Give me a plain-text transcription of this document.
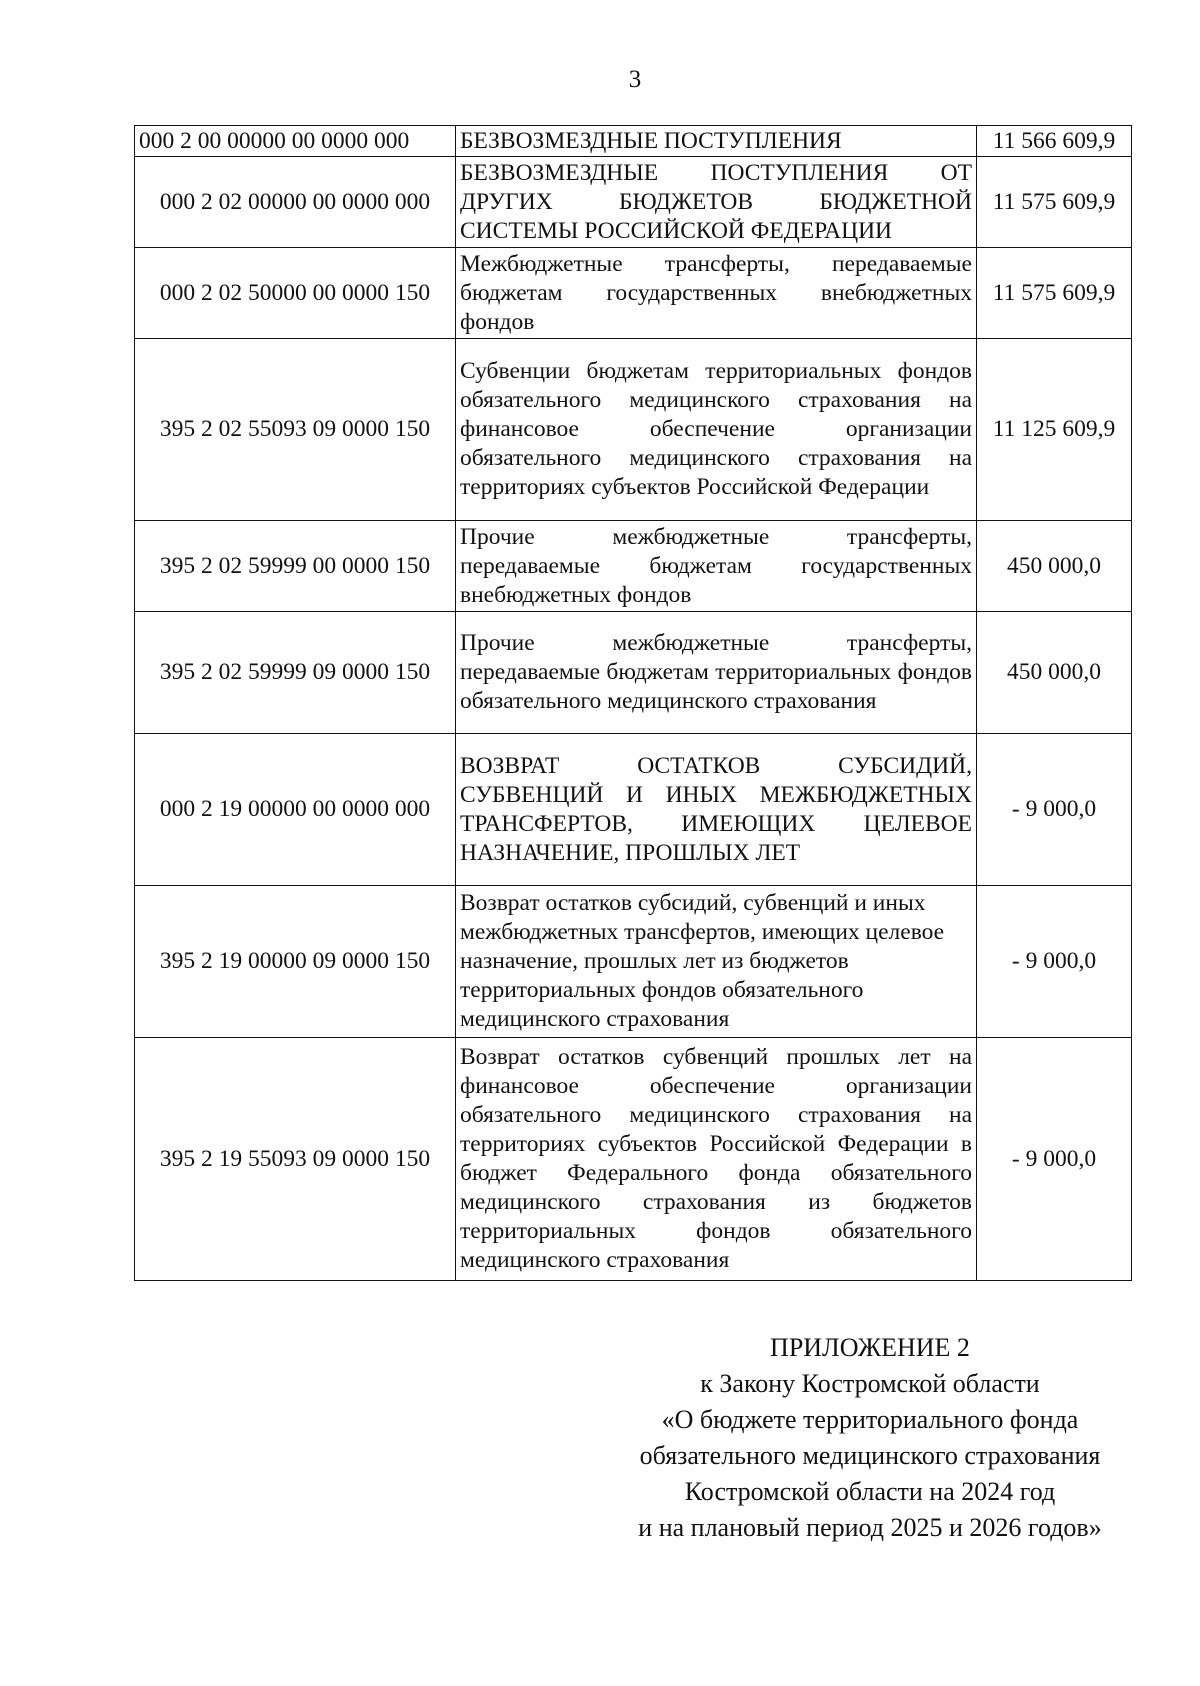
3
000 2 00 00000 00 0000 000	БЕЗВОЗМЕЗДНЫЕ ПОСТУПЛЕНИЯ	11 566 609,9
000 2 02 00000 00 0000 000	БЕЗВОЗМЕЗДНЫЕ ПОСТУПЛЕНИЯ ОТ ДРУГИХ БЮДЖЕТОВ БЮДЖЕТНОЙ СИСТЕМЫ РОССИЙСКОЙ ФЕДЕРАЦИИ	11 575 609,9
000 2 02 50000 00 0000 150	Межбюджетные трансферты, передаваемые бюджетам государственных внебюджетных фондов	11 575 609,9
395 2 02 55093 09 0000 150	Субвенции бюджетам территориальных фондов обязательного медицинского страхования на финансовое обеспечение организации обязательного медицинского страхования на территориях субъектов Российской Федерации	11 125 609,9
395 2 02 59999 00 0000 150	Прочие межбюджетные трансферты, передаваемые бюджетам государственных внебюджетных фондов	450 000,0
395 2 02 59999 09 0000 150	Прочие межбюджетные трансферты, передаваемые бюджетам территориальных фондов обязательного медицинского страхования	450 000,0
000 2 19 00000 00 0000 000	ВОЗВРАТ ОСТАТКОВ СУБСИДИЙ, СУБВЕНЦИЙ И ИНЫХ МЕЖБЮДЖЕТНЫХ ТРАНСФЕРТОВ, ИМЕЮЩИХ ЦЕЛЕВОЕ НАЗНАЧЕНИЕ, ПРОШЛЫХ ЛЕТ	- 9 000,0
395 2 19 00000 09 0000 150	Возврат остатков субсидий, субвенций и иных межбюджетных трансфертов, имеющих целевое назначение, прошлых лет из бюджетов территориальных фондов обязательного медицинского страхования	- 9 000,0
395 2 19 55093 09 0000 150	Возврат остатков субвенций прошлых лет на финансовое обеспечение организации обязательного медицинского страхования на территориях субъектов Российской Федерации в бюджет Федерального фонда обязательного медицинского страхования из бюджетов территориальных фондов обязательного медицинского страхования	- 9 000,0
ПРИЛОЖЕНИЕ 2
к Закону Костромской области
«О бюджете территориального фонда
обязательного медицинского страхования
Костромской области на 2024 год
и на плановый период 2025 и 2026 годов»
